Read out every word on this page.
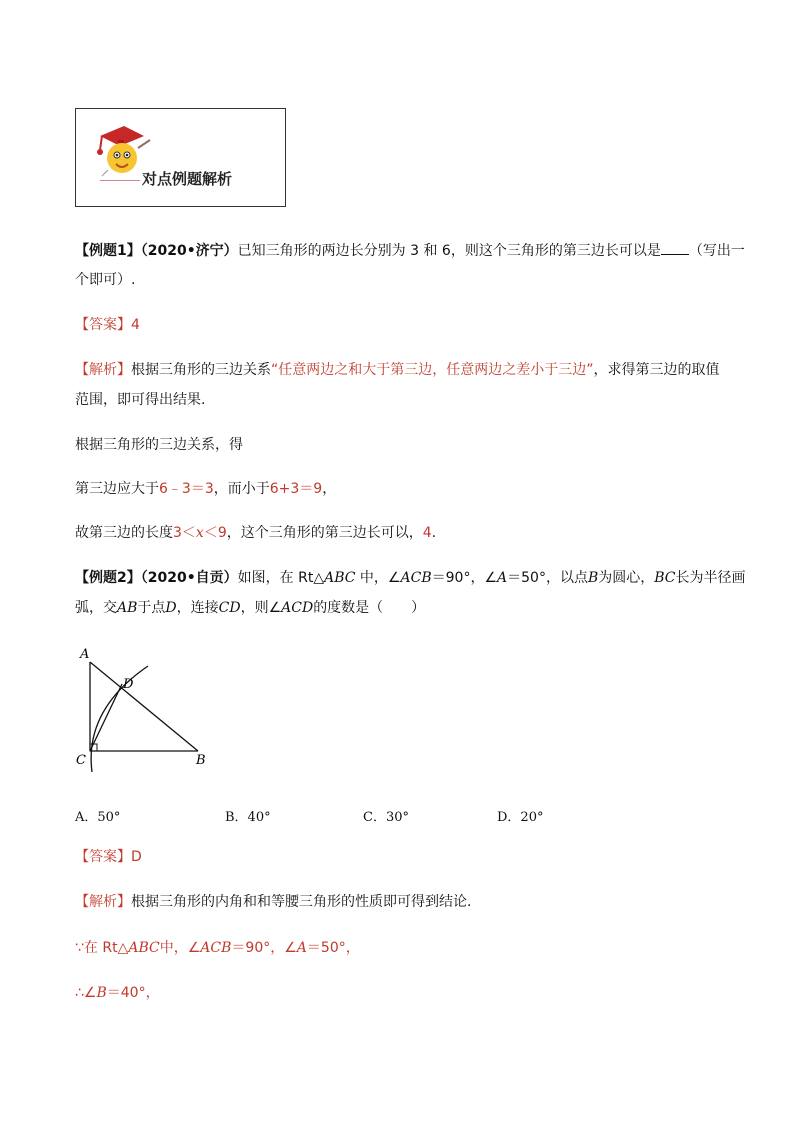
对点例题解析
【例题1】（2020•济宁）已知三角形的两边长分别为 3 和 6，则这个三角形的第三边长可以是 （写出一
个即可）.
【答案】4
【解析】根据三角形的三边关系“任意两边之和大于第三边，任意两边之差小于三边”，求得第三边的取值
范围，即可得出结果.
根据三角形的三边关系，得
第三边应大于6﹣3＝3，而小于6+3＝9，
故第三边的长度3＜x＜9，这个三角形的第三边长可以，4.
【例题2】（2020•自贡）如图，在 Rt△ABC 中，∠ACB＝90°，∠A＝50°，以点B为圆心，BC长为半径画
弧，交AB于点D，连接CD，则∠ACD的度数是（　　）
A
D
C	B
A．50°	B．40°	C．30°	D．20°
【答案】D
【解析】根据三角形的内角和和等腰三角形的性质即可得到结论.
∵在 Rt△ABC中，∠ACB＝90°，∠A＝50°，
∴∠B＝40°，
